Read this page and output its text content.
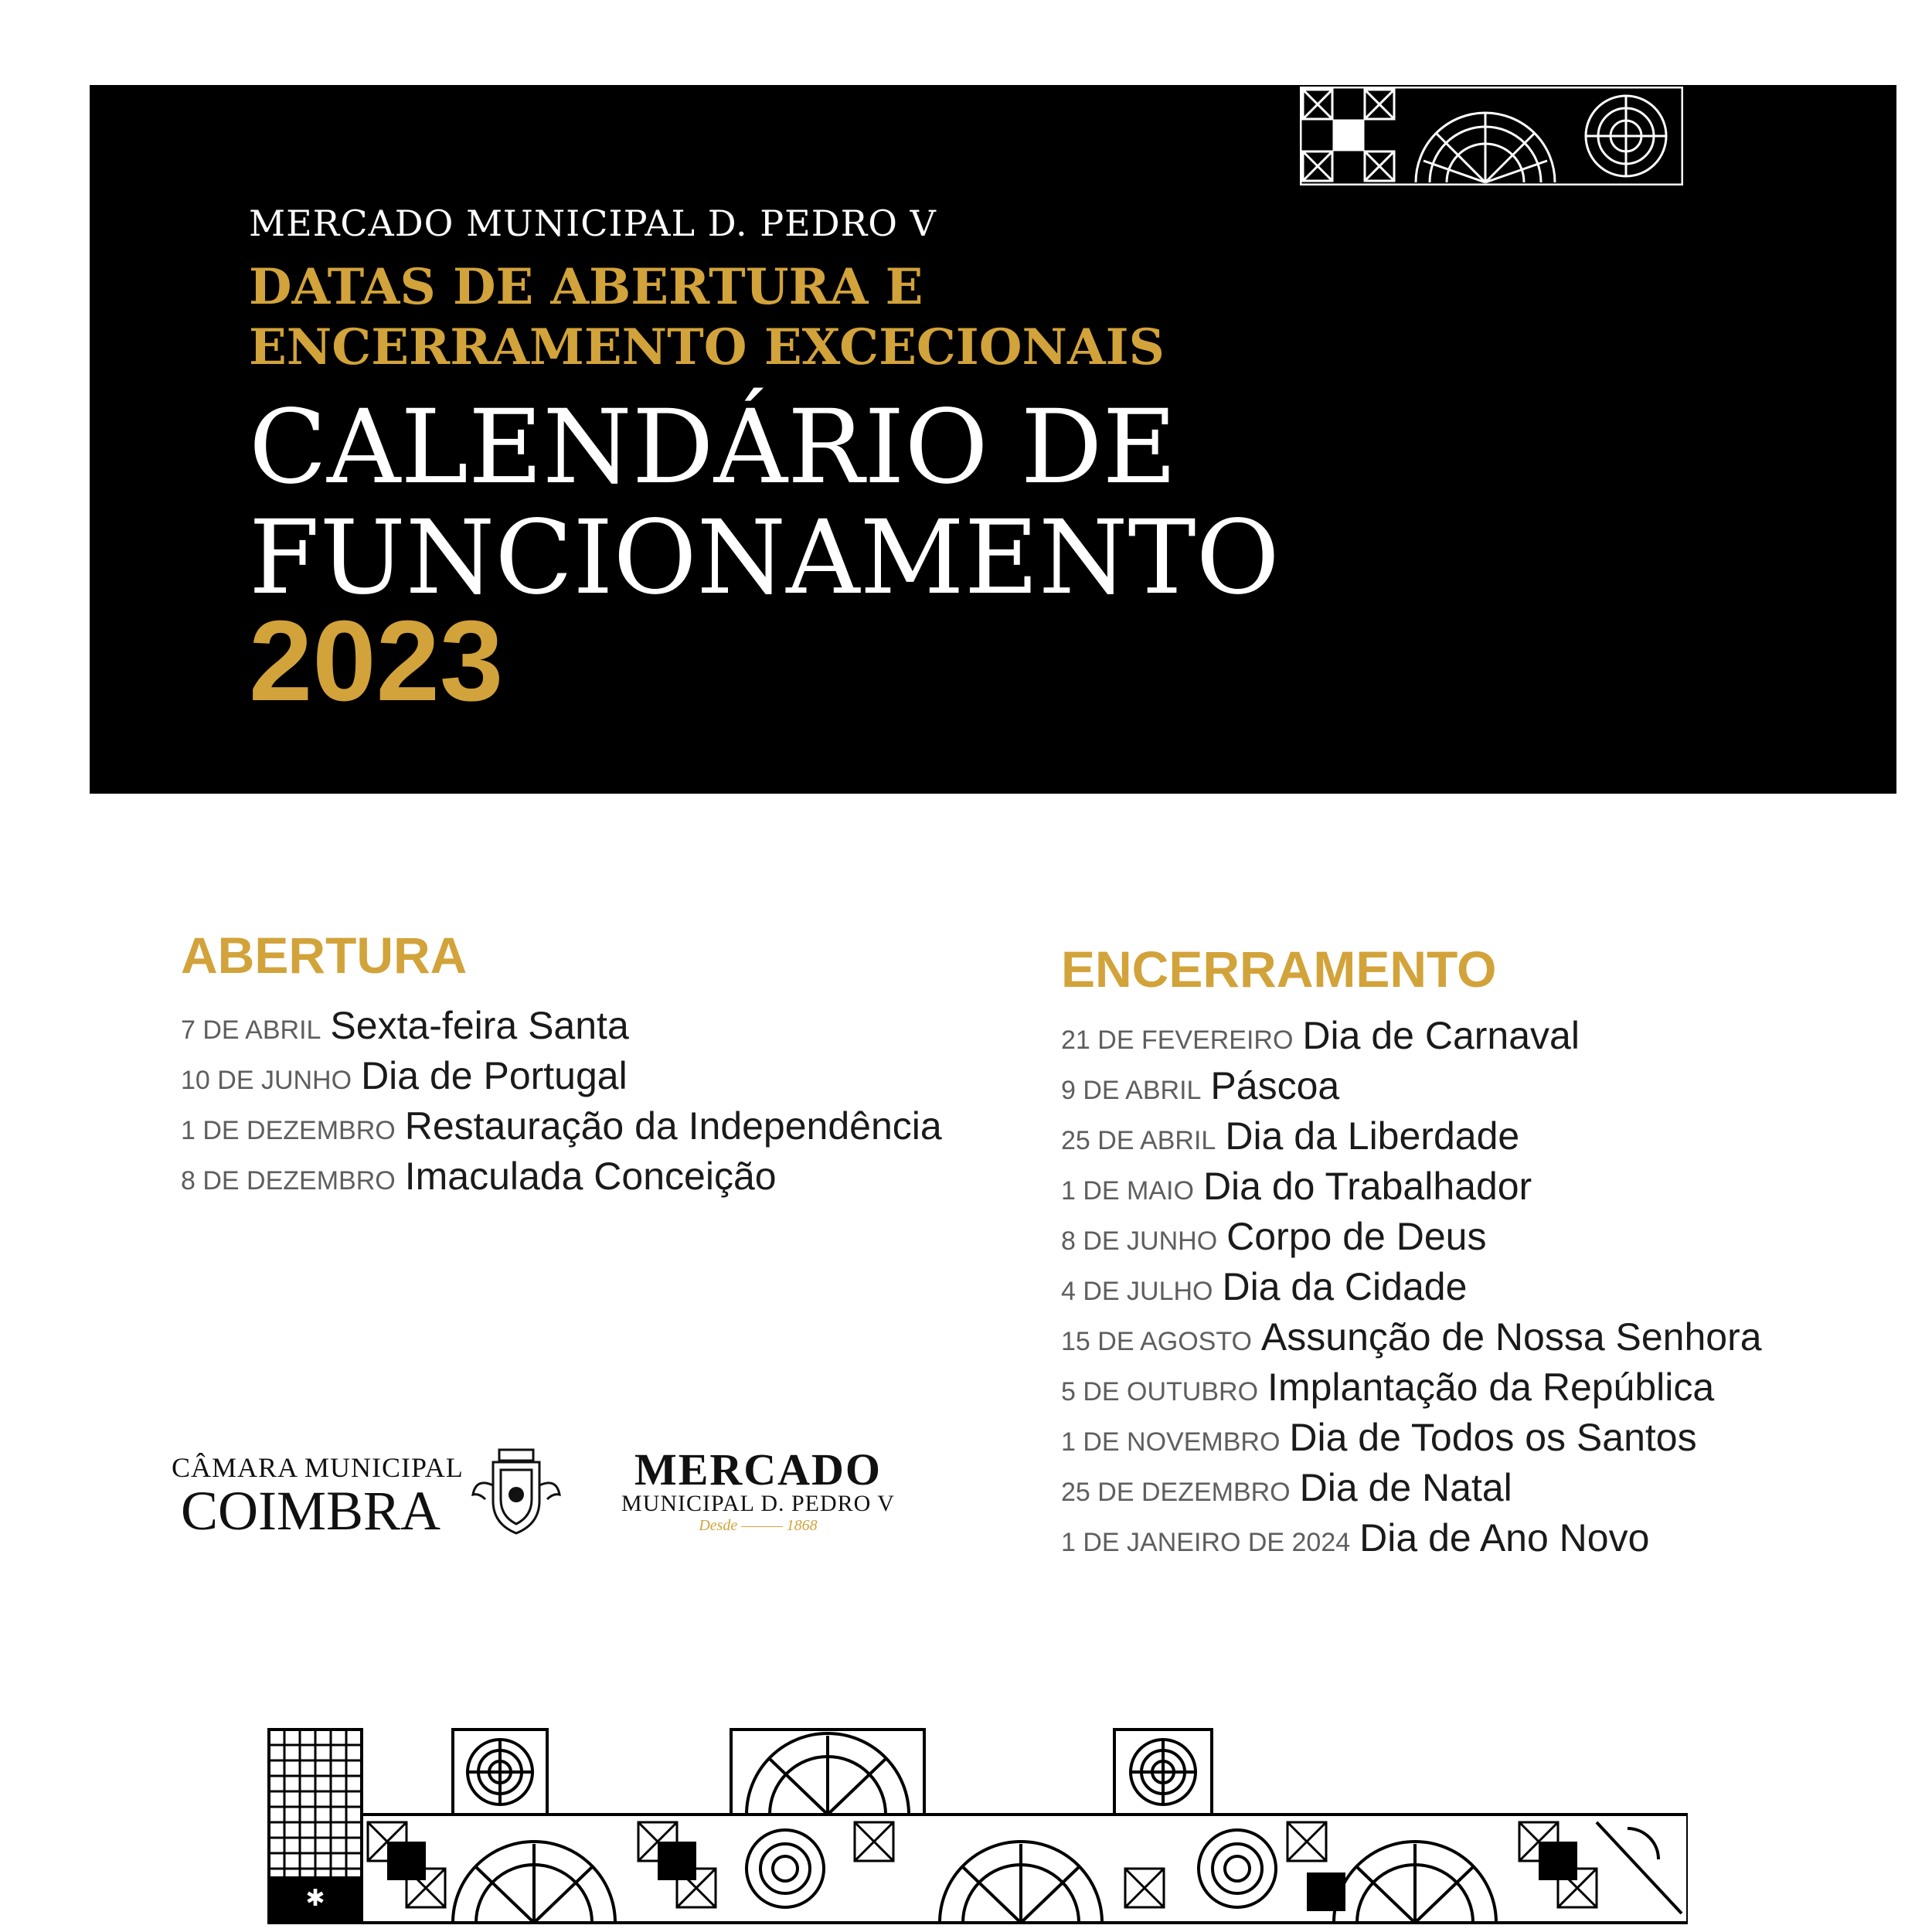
MERCADO MUNICIPAL D. PEDRO V
DATAS DE ABERTURA E
ENCERRAMENTO EXCECIONAIS
CALENDÁRIO DE
FUNCIONAMENTO
2023
ABERTURA
7 DE ABRIL Sexta-feira Santa
10 DE JUNHO Dia de Portugal
1 DE DEZEMBRO Restauração da Independência
8 DE DEZEMBRO Imaculada Conceição
ENCERRAMENTO
21 DE FEVEREIRO Dia de Carnaval
9 DE ABRIL Páscoa
25 DE ABRIL Dia da Liberdade
1 DE MAIO Dia do Trabalhador
8 DE JUNHO Corpo de Deus
4 DE JULHO Dia da Cidade
15 DE AGOSTO Assunção de Nossa Senhora
5 DE OUTUBRO Implantação da República
1 DE NOVEMBRO Dia de Todos os Santos
25 DE DEZEMBRO Dia de Natal
1 DE JANEIRO DE 2024 Dia de Ano Novo
CÂMARA MUNICIPAL
COIMBRA
MERCADO
MUNICIPAL D. PEDRO V
Desde ——— 1868
✱
